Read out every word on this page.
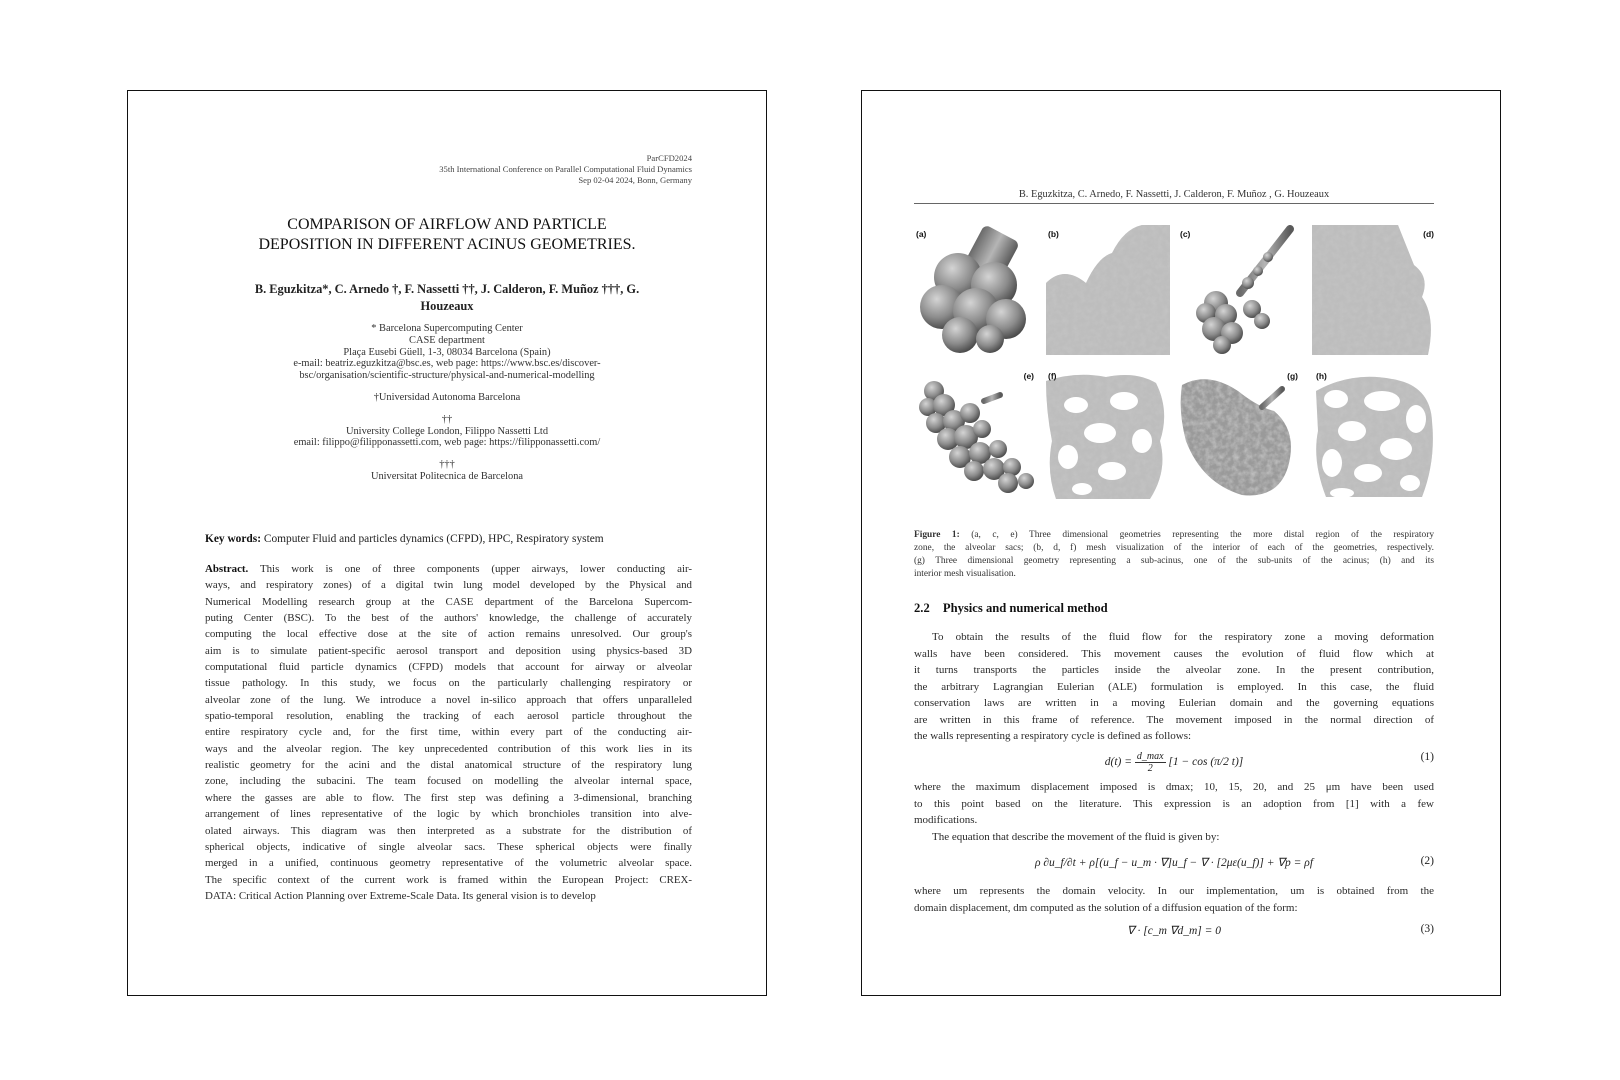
ParCFD2024
35th International Conference on Parallel Computational Fluid Dynamics
Sep 02-04 2024, Bonn, Germany
COMPARISON OF AIRFLOW AND PARTICLE
DEPOSITION IN DIFFERENT ACINUS GEOMETRIES.
B. Eguzkitza*, C. Arnedo †, F. Nassetti ††, J. Calderon, F. Muñoz †††, G.
Houzeaux
* Barcelona Supercomputing Center
CASE department
Plaça Eusebi Güell, 1-3, 08034 Barcelona (Spain)
e-mail: beatriz.eguzkitza@bsc.es, web page: https://www.bsc.es/discover-
bsc/organisation/scientific-structure/physical-and-numerical-modelling
†Universidad Autonoma Barcelona
††
University College London, Filippo Nassetti Ltd
email: filippo@filipponassetti.com, web page: https://filipponassetti.com/
†††
Universitat Politecnica de Barcelona
Key words: Computer Fluid and particles dynamics (CFPD), HPC, Respiratory system
Abstract. This work is one of three components (upper airways, lower conducting air-
ways, and respiratory zones) of a digital twin lung model developed by the Physical and
Numerical Modelling research group at the CASE department of the Barcelona Supercom-
puting Center (BSC). To the best of the authors' knowledge, the challenge of accurately
computing the local effective dose at the site of action remains unresolved. Our group's
aim is to simulate patient-specific aerosol transport and deposition using physics-based 3D
computational fluid particle dynamics (CFPD) models that account for airway or alveolar
tissue pathology. In this study, we focus on the particularly challenging respiratory or
alveolar zone of the lung. We introduce a novel in-silico approach that offers unparalleled
spatio-temporal resolution, enabling the tracking of each aerosol particle throughout the
entire respiratory cycle and, for the first time, within every part of the conducting air-
ways and the alveolar region. The key unprecedented contribution of this work lies in its
realistic geometry for the acini and the distal anatomical structure of the respiratory lung
zone, including the subacini. The team focused on modelling the alveolar internal space,
where the gasses are able to flow. The first step was defining a 3-dimensional, branching
arrangement of lines representative of the logic by which bronchioles transition into alve-
olated airways. This diagram was then interpreted as a substrate for the distribution of
spherical objects, indicative of single alveolar sacs. These spherical objects were finally
merged in a unified, continuous geometry representative of the volumetric alveolar space.
The specific context of the current work is framed within the European Project: CREX-
DATA: Critical Action Planning over Extreme-Scale Data. Its general vision is to develop
B. Eguzkitza, C. Arnedo, F. Nassetti, J. Calderon, F. Muñoz , G. Houzeaux
(a)	(b)	(c)	(d)
(e) (f)	(g) (h)
Figure 1: (a, c, e) Three dimensional geometries representing the more distal region of the respiratory
zone, the alveolar sacs; (b, d, f) mesh visualization of the interior of each of the geometries, respectively.
(g) Three dimensional geometry representing a sub-acinus, one of the sub-units of the acinus; (h) and its
interior mesh visualisation.
2.2 Physics and numerical method
To obtain the results of the fluid flow for the respiratory zone a moving deformation
walls have been considered. This movement causes the evolution of fluid flow which at
it turns transports the particles inside the alveolar zone. In the present contribution,
the arbitrary Lagrangian Eulerian (ALE) formulation is employed. In this case, the fluid
conservation laws are written in a moving Eulerian domain and the governing equations
are written in this frame of reference. The movement imposed in the normal direction of
the walls representing a respiratory cycle is defined as follows:
$d(t) = \frac{d\_\max}{2} [1 - \cos (\pi/2$ t)]	(1)
where the maximum displacement imposed is dmax; 10, 15, 20, and 25 μm have been used
to this point based on the literature. This expression is an adoption from [1] with a few
modifications.
The equation that describe the movement of the fluid is given by:
ρ ∂u_f/∂t + ρ[(u_f − u_m · ∇]u_f − ∇ · [2με(u_f)] + ∇p = ρf	(2)
where um represents the domain velocity. In our implementation, um is obtained from the
domain displacement, dm computed as the solution of a diffusion equation of the form:
∇ · [c_m ∇d_m] = 0	(3)
